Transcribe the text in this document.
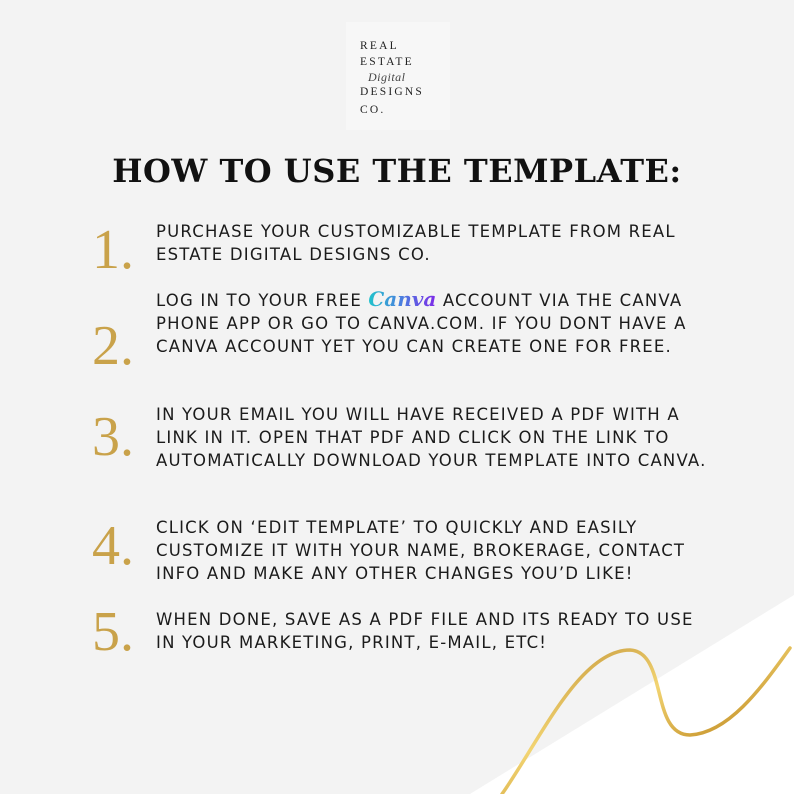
REAL
ESTATE
Digital
DESIGNS
CO.
HOW TO USE THE TEMPLATE:
1.	PURCHASE YOUR CUSTOMIZABLE TEMPLATE FROM REAL ESTATE DIGITAL DESIGNS CO.
2.
LOG IN TO YOUR FREE Canva ACCOUNT VIA THE CANVA PHONE APP OR GO TO CANVA.COM. IF YOU DONT HAVE A CANVA ACCOUNT YET YOU CAN CREATE ONE FOR FREE.
3.	IN YOUR EMAIL YOU WILL HAVE RECEIVED A PDF WITH A LINK IN IT. OPEN THAT PDF AND CLICK ON THE LINK TO AUTOMATICALLY DOWNLOAD YOUR TEMPLATE INTO CANVA.
4.	CLICK ON ‘EDIT TEMPLATE’ TO QUICKLY AND EASILY CUSTOMIZE IT WITH YOUR NAME, BROKERAGE, CONTACT INFO AND MAKE ANY OTHER CHANGES YOU’D LIKE!
5.	WHEN DONE, SAVE AS A PDF FILE AND ITS READY TO USE IN YOUR MARKETING, PRINT, E-MAIL, ETC!
